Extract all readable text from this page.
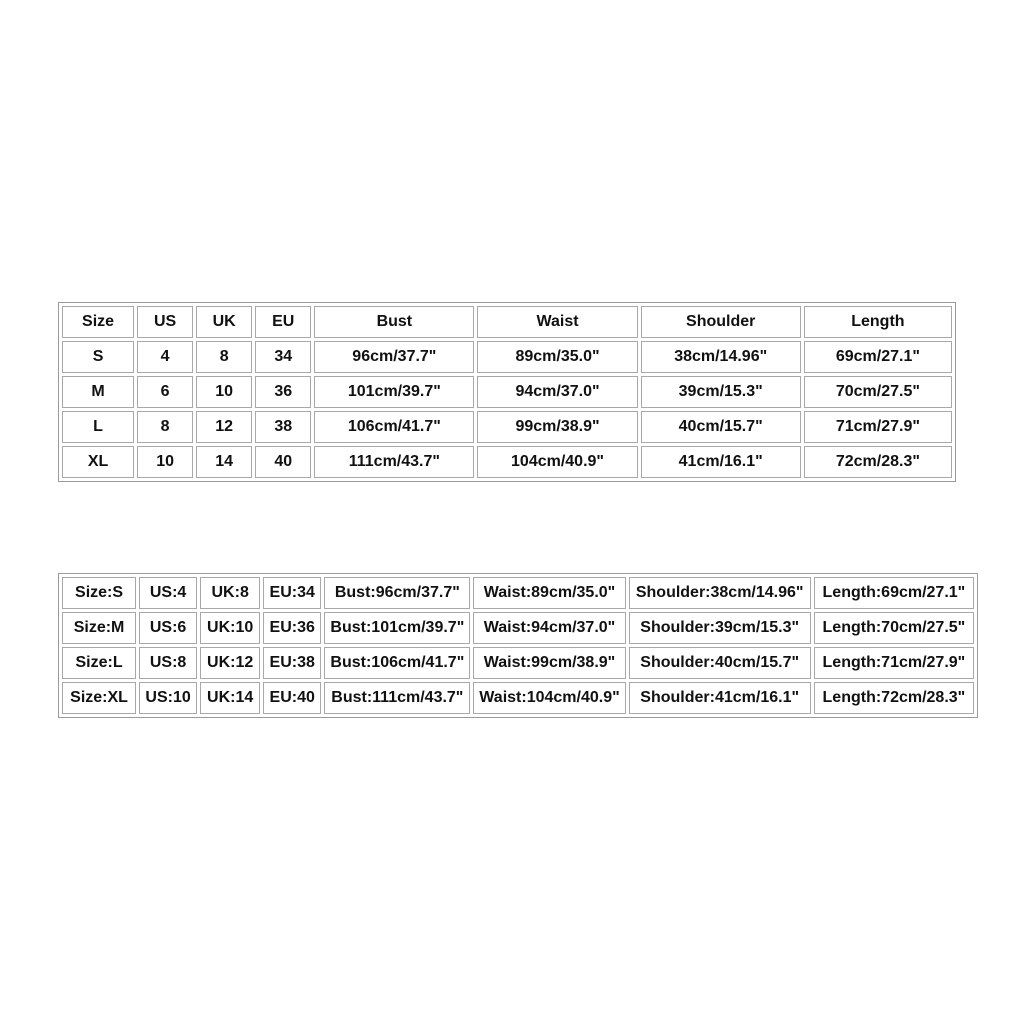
Size	US	UK	EU	Bust	Waist	Shoulder	Length
S	4	8	34	96cm/37.7"	89cm/35.0"	38cm/14.96"	69cm/27.1"
M	6	10	36	101cm/39.7"	94cm/37.0"	39cm/15.3"	70cm/27.5"
L	8	12	38	106cm/41.7"	99cm/38.9"	40cm/15.7"	71cm/27.9"
XL	10	14	40	111cm/43.7"	104cm/40.9"	41cm/16.1"	72cm/28.3"
Size:S	US:4	UK:8	EU:34	Bust:96cm/37.7"	Waist:89cm/35.0"	Shoulder:38cm/14.96"	Length:69cm/27.1"
Size:M	US:6	UK:10	EU:36	Bust:101cm/39.7"	Waist:94cm/37.0"	Shoulder:39cm/15.3"	Length:70cm/27.5"
Size:L	US:8	UK:12	EU:38	Bust:106cm/41.7"	Waist:99cm/38.9"	Shoulder:40cm/15.7"	Length:71cm/27.9"
Size:XL	US:10	UK:14	EU:40	Bust:111cm/43.7"	Waist:104cm/40.9"	Shoulder:41cm/16.1"	Length:72cm/28.3"
